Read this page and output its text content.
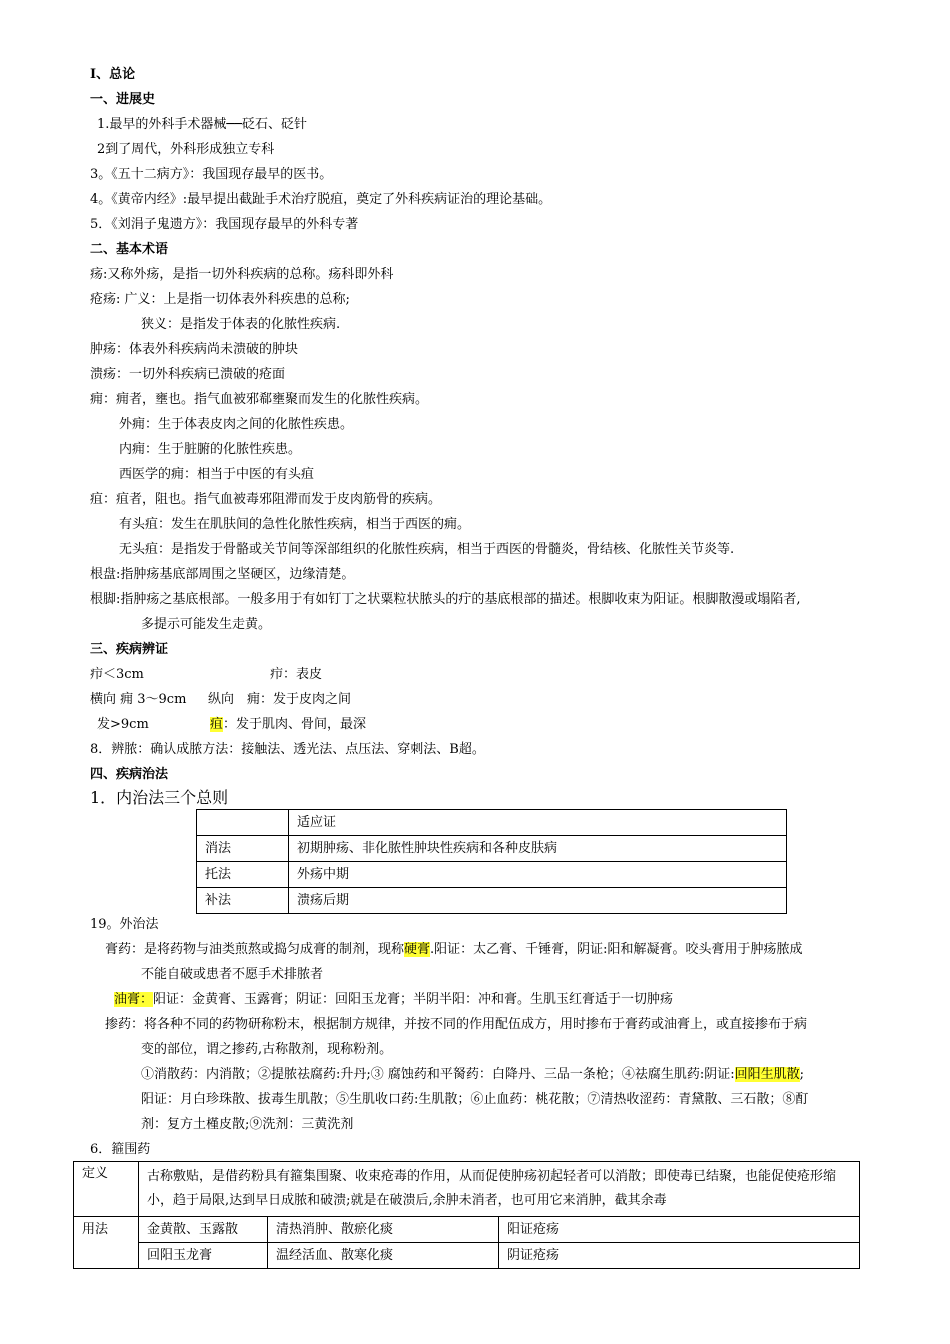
I、总论
一、进展史
1.最早的外科手术器械──砭石、砭针
2到了周代，外科形成独立专科
3。《五十二病方》：我国现存最早的医书。
4。《黄帝内经》:最早提出截趾手术治疗脱疽，奠定了外科疾病证治的理论基础。
5．《刘涓子鬼遗方》：我国现存最早的外科专著
二、基本术语
疡:又称外疡，是指一切外科疾病的总称。疡科即外科
疮疡: 广义：上是指一切体表外科疾患的总称;
狭义：是指发于体表的化脓性疾病.
肿疡：体表外科疾病尚未溃破的肿块
溃疡：一切外科疾病已溃破的疮面
痈：痈者，壅也。指气血被邪郗壅聚而发生的化脓性疾病。
外痈：生于体表皮肉之间的化脓性疾患。
内痈：生于脏腑的化脓性疾患。
西医学的痈：相当于中医的有头疽
疽：疽者，阻也。指气血被毒邪阻滞而发于皮肉筋骨的疾病。
有头疽：发生在肌肤间的急性化脓性疾病，相当于西医的痈。
无头疽：是指发于骨骼或关节间等深部组织的化脓性疾病，相当于西医的骨髓炎，骨结核、化脓性关节炎等.
根盘:指肿疡基底部周围之坚硬区，边缘清楚。
根脚:指肿疡之基底根部。一般多用于有如钉丁之状粟粒状脓头的疔的基底根部的描述。根脚收束为阳证。根脚散漫或塌陷者,
多提示可能发生走黄。
三、疾病辨证
疖＜3cm	疖：表皮
横向 痈 3～9cm 纵向　痈：发于皮肉之间
发>9cm	疽：发于肌肉、骨间，最深
8．辨脓：确认成脓方法：接触法、透光法、点压法、穿刺法、B超。
四、疾病治法
1．内治法三个总则
	适应证
消法	初期肿疡、非化脓性肿块性疾病和各种皮肤病
托法	外疡中期
补法	溃疡后期
19。外治法
膏药：是将药物与油类煎熬或捣匀成膏的制剂，现称硬膏.阳证：太乙膏、千锤膏，阴证:阳和解凝膏。咬头膏用于肿疡脓成
不能自破或患者不愿手术排脓者
油膏：阳证：金黄膏、玉露膏；阴证：回阳玉龙膏；半阴半阳：冲和膏。生肌玉红膏适于一切肿疡
掺药：将各种不同的药物研称粉末，根据制方规律，并按不同的作用配伍成方，用时掺布于膏药或油膏上，或直接掺布于病
变的部位，谓之掺药,古称散剂，现称粉剂。
①消散药：内消散；②提脓祛腐药:升丹;③ 腐蚀药和平胬药：白降丹、三品一条枪；④祛腐生肌药:阴证:回阳生肌散;
阳证：月白珍珠散、拔毒生肌散；⑤生肌收口药:生肌散；⑥止血药：桃花散；⑦清热收涩药：青黛散、三石散；⑧酊
剂：复方土槿皮散;⑨洗剂：三黄洗剂
6．箍围药
定义	古称敷贴，是借药粉具有箍集围聚、收束疮毒的作用，从而促使肿疡初起轻者可以消散；即使毒已结聚，也能促使疮形缩小，趋于局限,达到早日成脓和破溃;就是在破溃后,余肿未消者，也可用它来消肿，截其余毒		
用法	金黄散、玉露散	清热消肿、散瘀化痰	阳证疮疡
	回阳玉龙膏	温经活血、散寒化痰	阴证疮疡
